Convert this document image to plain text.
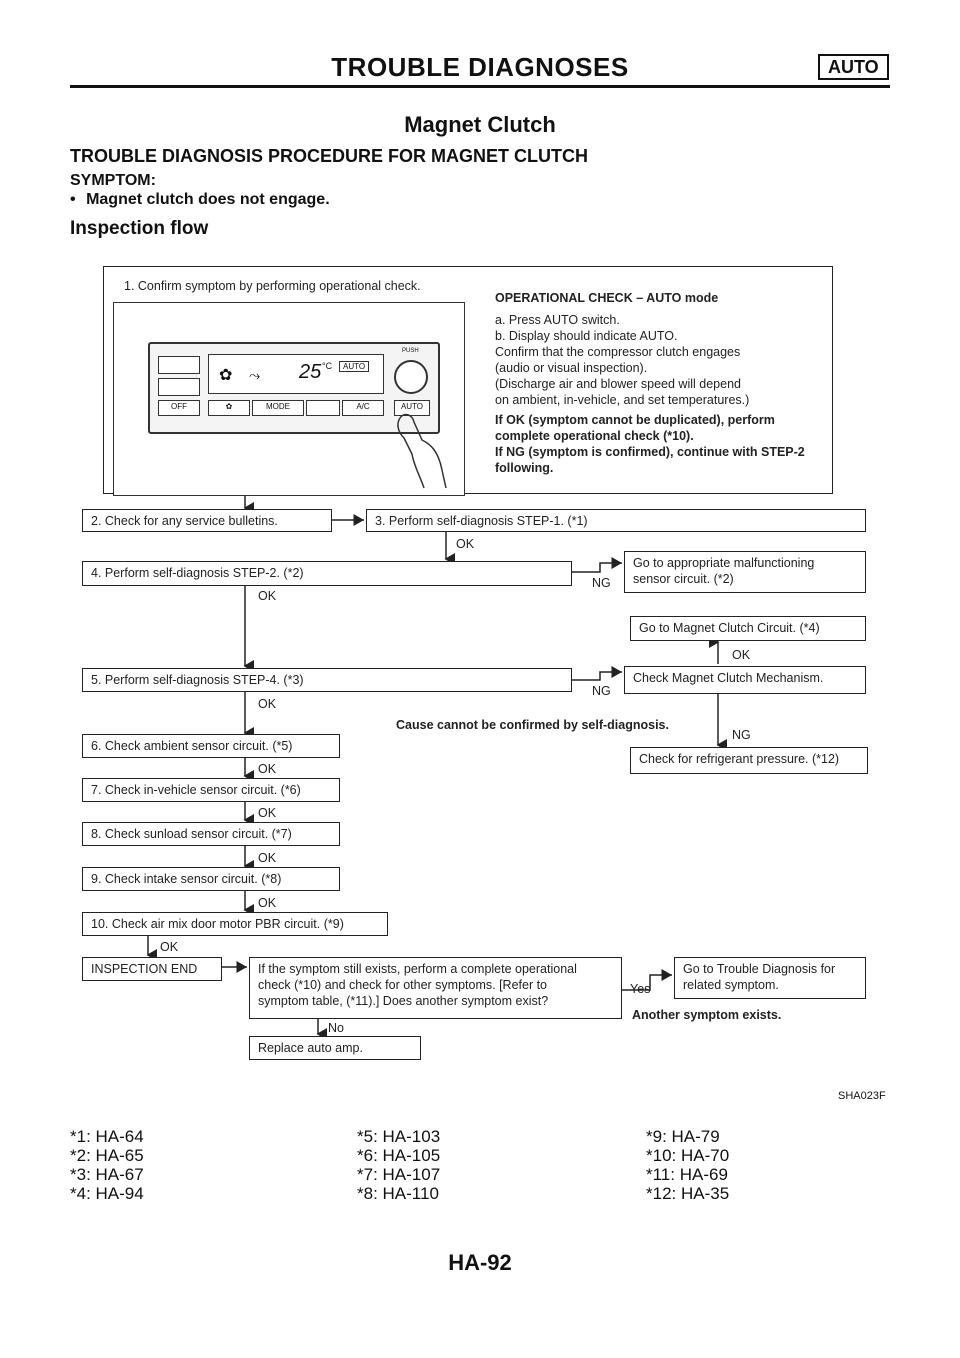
TROUBLE DIAGNOSES	AUTO
Magnet Clutch
TROUBLE DIAGNOSIS PROCEDURE FOR MAGNET CLUTCH
SYMPTOM:
• Magnet clutch does not engage.
Inspection flow
1. Confirm symptom by performing operational check.
OFF
✿ ⤳ 25 °C	AUTO
✿	MODE	A/C	AUTO
PUSH
OPERATIONAL CHECK – AUTO mode
a. Press AUTO switch.
b. Display should indicate AUTO.
Confirm that the compressor clutch engages
(audio or visual inspection).
(Discharge air and blower speed will depend
on ambient, in-vehicle, and set temperatures.)
If OK (symptom cannot be duplicated), perform
complete operational check (*10).
If NG (symptom is confirmed), continue with STEP-2
following.
2. Check for any service bulletins.	3. Perform self-diagnosis STEP-1. (*1)
OK
4. Perform self-diagnosis STEP-2. (*2)
NG
OK
Go to appropriate malfunctioning
sensor circuit. (*2)
Go to Magnet Clutch Circuit. (*4)
OK
5. Perform self-diagnosis STEP-4. (*3)
NG
OK
Check Magnet Clutch Mechanism.
Cause cannot be confirmed by self-diagnosis.
NG
6. Check ambient sensor circuit. (*5)
OK
Check for refrigerant pressure. (*12)
7. Check in-vehicle sensor circuit. (*6)
OK
8. Check sunload sensor circuit. (*7)
OK
9. Check intake sensor circuit. (*8)
OK
10. Check air mix door motor PBR circuit. (*9)
OK
INSPECTION END	If the symptom still exists, perform a complete operational
check (*10) and check for other symptoms. [Refer to
symptom table, (*11).] Does another symptom exist?
Yes
Go to Trouble Diagnosis for
related symptom.
Another symptom exists.
No
Replace auto amp.
SHA023F
*1: HA-64
*2: HA-65
*3: HA-67
*4: HA-94
*5: HA-103
*6: HA-105
*7: HA-107
*8: HA-110
*9: HA-79
*10: HA-70
*11: HA-69
*12: HA-35
HA-92
